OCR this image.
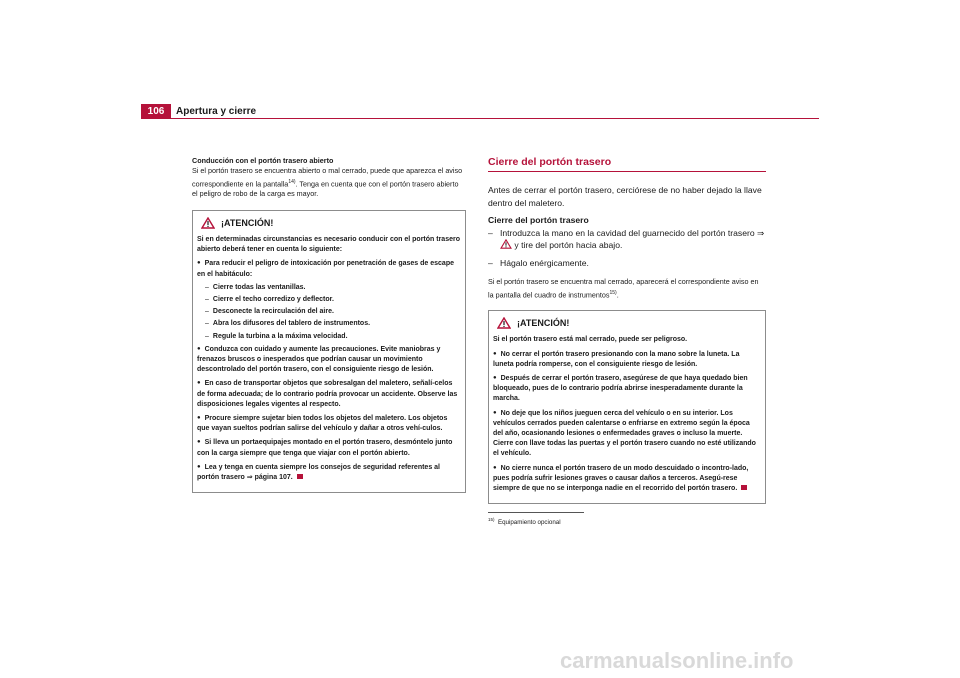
106	Apertura y cierre

Conducción con el portón trasero abierto

Si el portón trasero se encuentra abierto o mal cerrado, puede que aparezca el aviso correspondiente en la pantalla$^{14)}$. Tenga en cuenta que con el portón trasero abierto el peligro de robo de la carga es mayor.

¡ATENCIÓN!

Si en determinadas circunstancias es necesario conducir con el portón trasero abierto deberá tener en cuenta lo siguiente:

● Para reducir el peligro de intoxicación por penetración de gases de escape en el habitáculo:

– Cierre todas las ventanillas.

– Cierre el techo corredizo y deflector.

– Desconecte la recirculación del aire.

– Abra los difusores del tablero de instrumentos.

– Regule la turbina a la máxima velocidad.

● Conduzca con cuidado y aumente las precauciones. Evite maniobras y frenazos bruscos o inesperados que podrían causar un movimiento descontrolado del portón trasero, con el consiguiente riesgo de lesión.

● En caso de transportar objetos que sobresalgan del maletero, señalí-celos de forma adecuada; de lo contrario podría provocar un accidente. Observe las disposiciones legales vigentes al respecto.

● Procure siempre sujetar bien todos los objetos del maletero. Los objetos que vayan sueltos podrían salirse del vehículo y dañar a otros vehí-culos.

● Si lleva un portaequipajes montado en el portón trasero, desmóntelo junto con la carga siempre que tenga que viajar con el portón abierto.

● Lea y tenga en cuenta siempre los consejos de seguridad referentes al portón trasero ⇒ página 107.

Cierre del portón trasero

Antes de cerrar el portón trasero, cerciórese de no haber dejado la llave dentro del maletero.

Cierre del portón trasero

– Introduzca la mano en la cavidad del guarnecido del portón trasero ⇒  y tire del portón hacia abajo.

– Hágalo enérgicamente.

Si el portón trasero se encuentra mal cerrado, aparecerá el correspondiente aviso en la pantalla del cuadro de instrumentos$^{15)}$.

¡ATENCIÓN!

Si el portón trasero está mal cerrado, puede ser peligroso.

● No cerrar el portón trasero presionando con la mano sobre la luneta. La luneta podría romperse, con el consiguiente riesgo de lesión.

● Después de cerrar el portón trasero, asegúrese de que haya quedado bien bloqueado, pues de lo contrario podría abrirse inesperadamente durante la marcha.

● No deje que los niños jueguen cerca del vehículo o en su interior. Los vehículos cerrados pueden calentarse o enfriarse en extremo según la época del año, ocasionando lesiones o enfermedades graves o incluso la muerte. Cierre con llave todas las puertas y el portón trasero cuando no esté utilizando el vehículo.

● No cierre nunca el portón trasero de un modo descuidado o incontro-lado, pues podría sufrir lesiones graves o causar daños a terceros. Asegú-rese siempre de que no se interponga nadie en el recorrido del portón trasero.

$^{15)}$ Equipamiento opcional

carmanualsonline.info
